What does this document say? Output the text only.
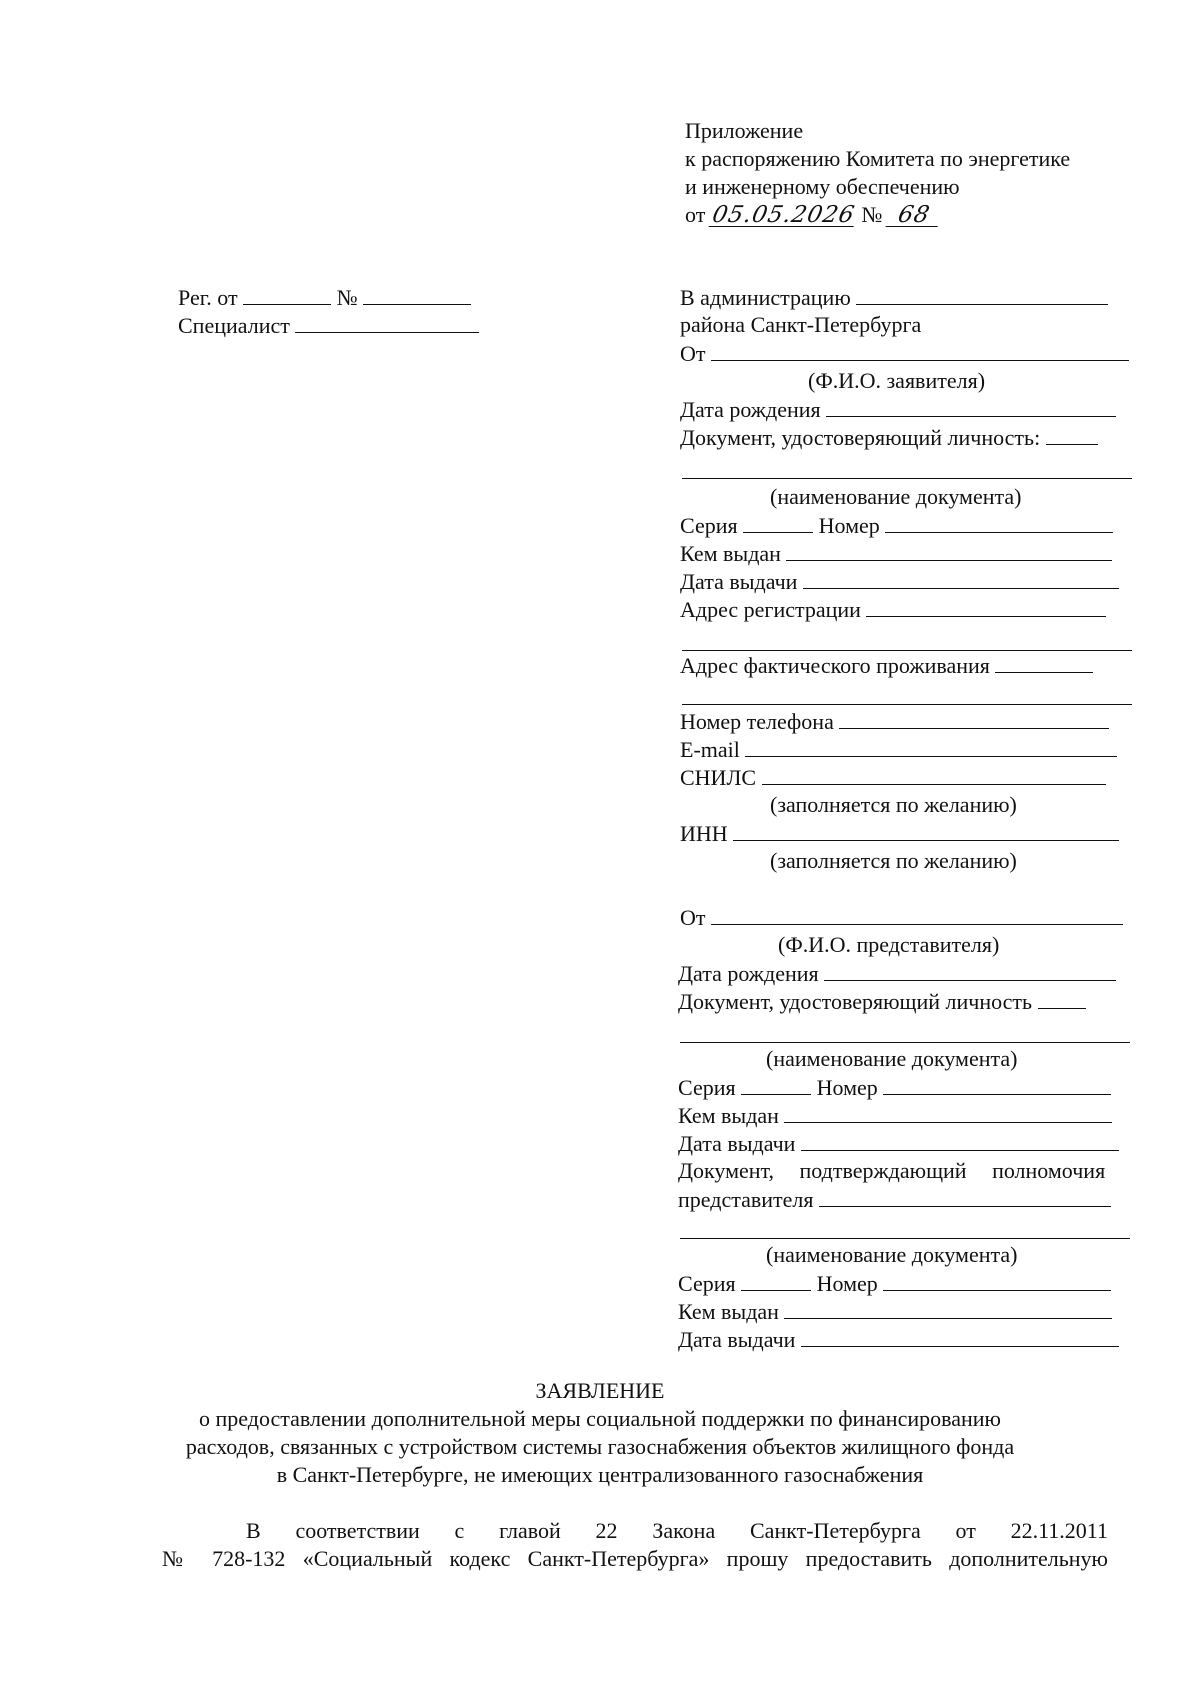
Приложение
к распоряжению Комитета по энергетике
и инженерному обеспечению
от 05.05.2026 № 68
Рег. от	№
Специалист
В администрацию
района Санкт-Петербурга
От
(Ф.И.О. заявителя)
Дата рождения
Документ, удостоверяющий личность:
(наименование документа)
Серия	Номер
Кем выдан
Дата выдачи
Адрес регистрации
Адрес фактического проживания
Номер телефона
E-mail
СНИЛС
(заполняется по желанию)
ИНН
(заполняется по желанию)
От
(Ф.И.О. представителя)
Дата рождения
Документ, удостоверяющий личность
(наименование документа)
Серия	Номер
Кем выдан
Дата выдачи
Документ, подтверждающий полномочия
представителя
(наименование документа)
Серия	Номер
Кем выдан
Дата выдачи
ЗАЯВЛЕНИЕ
о предоставлении дополнительной меры социальной поддержки по финансированию
расходов, связанных с устройством системы газоснабжения объектов жилищного фонда
в Санкт-Петербурге, не имеющих централизованного газоснабжения
В соответствии с главой 22 Закона Санкт-Петербурга от 22.11.2011
№ 728-132 «Социальный кодекс Санкт-Петербурга» прошу предоставить дополнительную
